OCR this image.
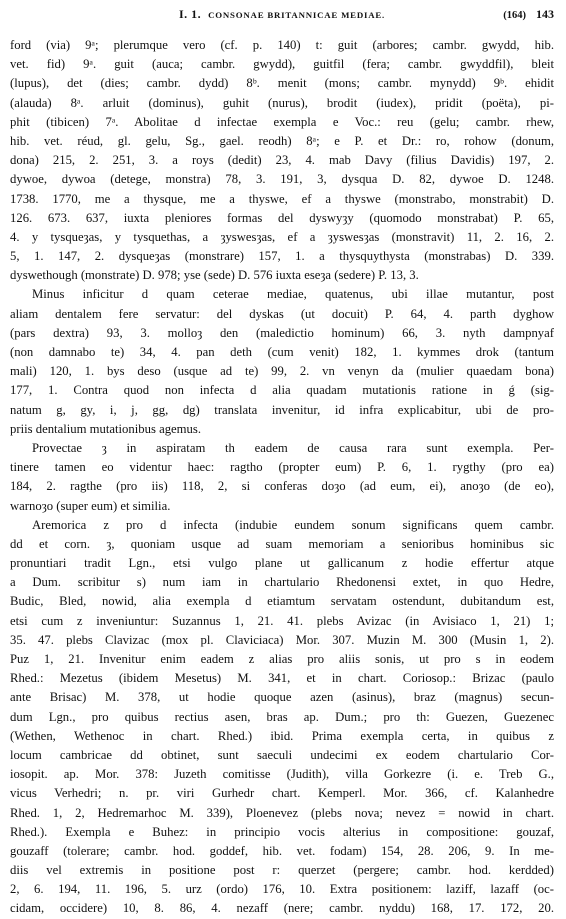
I. 1. CONSONAE BRITANNICAE MEDIAE.	(164) 143
ford (via) 9ᵃ; plerumque vero (cf. p. 140) t: guit (arbores; cambr. gwydd, hib.
vet. fid) 9ᵃ. guit (auca; cambr. gwydd), guitfil (fera; cambr. gwyddfil), bleit
(lupus), det (dies; cambr. dydd) 8ᵇ. menit (mons; cambr. mynydd) 9ᵇ. ehidit
(alauda) 8ᵃ. arluit (dominus), guhit (nurus), brodit (iudex), pridit (poëta), pi-
phit (tibicen) 7ᵃ. Abolitae d infectae exempla e Voc.: reu (gelu; cambr. rhew,
hib. vet. réud, gl. gelu, Sg., gael. reodh) 8ᵃ; e P. et Dr.: ro, rohow (donum,
dona) 215, 2. 251, 3. a roys (dedit) 23, 4. mab Davy (filius Davidis) 197, 2.
dywoe, dywoa (detege, monstra) 78, 3. 191, 3, dysqua D. 82, dywoe D. 1248.
1738. 1770, me a thysque, me a thyswe, ef a thyswe (monstrabo, monstrabit) D.
126. 673. 637, iuxta pleniores formas del dyswyȝy (quomodo monstrabat) P. 65,
4. y tysqueȝas, y tysquethas, a ȝyswesȝas, ef a ȝyswesȝas (monstravit) 11, 2. 16, 2.
5, 1. 147, 2. dysqueȝas (monstrare) 157, 1. a thysquythysta (monstrabas) D. 339.
dyswethough (monstrate) D. 978; yse (sede) D. 576 iuxta eseȝa (sedere) P. 13, 3.
Minus inficitur d quam ceterae mediae, quatenus, ubi illae mutantur, post
aliam dentalem fere servatur: del dyskas (ut docuit) P. 64, 4. parth dyghow
(pars dextra) 93, 3. molloȝ den (maledictio hominum) 66, 3. nyth dampnyaf
(non damnabo te) 34, 4. pan deth (cum venit) 182, 1. kymmes drok (tantum
mali) 120, 1. bys deso (usque ad te) 99, 2. vn venyn da (mulier quaedam bona)
177, 1. Contra quod non infecta d alia quadam mutationis ratione in ǵ (sig-
natum g, gy, i, j, gg, dg) translata invenitur, id infra explicabitur, ubi de pro-
priis dentalium mutationibus agemus.
Provectae ȝ in aspiratam th eadem de causa rara sunt exempla. Per-
tinere tamen eo videntur haec: ragtho (propter eum) P. 6, 1. rygthy (pro ea)
184, 2. ragthe (pro iis) 118, 2, si conferas doȝo (ad eum, ei), anoȝo (de eo),
warnoȝo (super eum) et similia.
Aremorica z pro d infecta (indubie eundem sonum significans quem cambr.
dd et corn. ȝ, quoniam usque ad suam memoriam a senioribus hominibus sic
pronuntiari tradit Lgn., etsi vulgo plane ut gallicanum z hodie effertur atque
a Dum. scribitur s) num iam in chartulario Rhedonensi extet, in quo Hedre,
Budic, Bled, nowid, alia exempla d etiamtum servatam ostendunt, dubitandum est,
etsi cum z inveniuntur: Suzannus 1, 21. 41. plebs Avizac (in Avisiaco 1, 21) 1;
35. 47. plebs Clavizac (mox pl. Claviciaca) Mor. 307. Muzin M. 300 (Musin 1, 2).
Puz 1, 21. Invenitur enim eadem z alias pro aliis sonis, ut pro s in eodem
Rhed.: Mezetus (ibidem Mesetus) M. 341, et in chart. Coriosop.: Brizac (paulo
ante Brisac) M. 378, ut hodie quoque azen (asinus), braz (magnus) secun-
dum Lgn., pro quibus rectius asen, bras ap. Dum.; pro th: Guezen, Guezenec
(Wethen, Wethenoc in chart. Rhed.) ibid. Prima exempla certa, in quibus z
locum cambricae dd obtinet, sunt saeculi undecimi ex eodem chartulario Cor-
iosopit. ap. Mor. 378: Juzeth comitisse (Judith), villa Gorkezre (i. e. Treb G.,
vicus Verhedri; n. pr. viri Gurhedr chart. Kemperl. Mor. 366, cf. Kalanhedre
Rhed. 1, 2, Hedremarhoc M. 339), Ploenevez (plebs nova; nevez = nowid in chart.
Rhed.). Exempla e Buhez: in principio vocis alterius in compositione: gouzaf,
gouzaff (tolerare; cambr. hod. goddef, hib. vet. fodam) 154, 28. 206, 9. In me-
diis vel extremis in positione post r: querzet (pergere; cambr. hod. kerdded)
2, 6. 194, 11. 196, 5. urz (ordo) 176, 10. Extra positionem: laziff, lazaff (oc-
cidam, occidere) 10, 8. 86, 4. nezaff (nere; cambr. nyddu) 168, 17. 172, 20.
